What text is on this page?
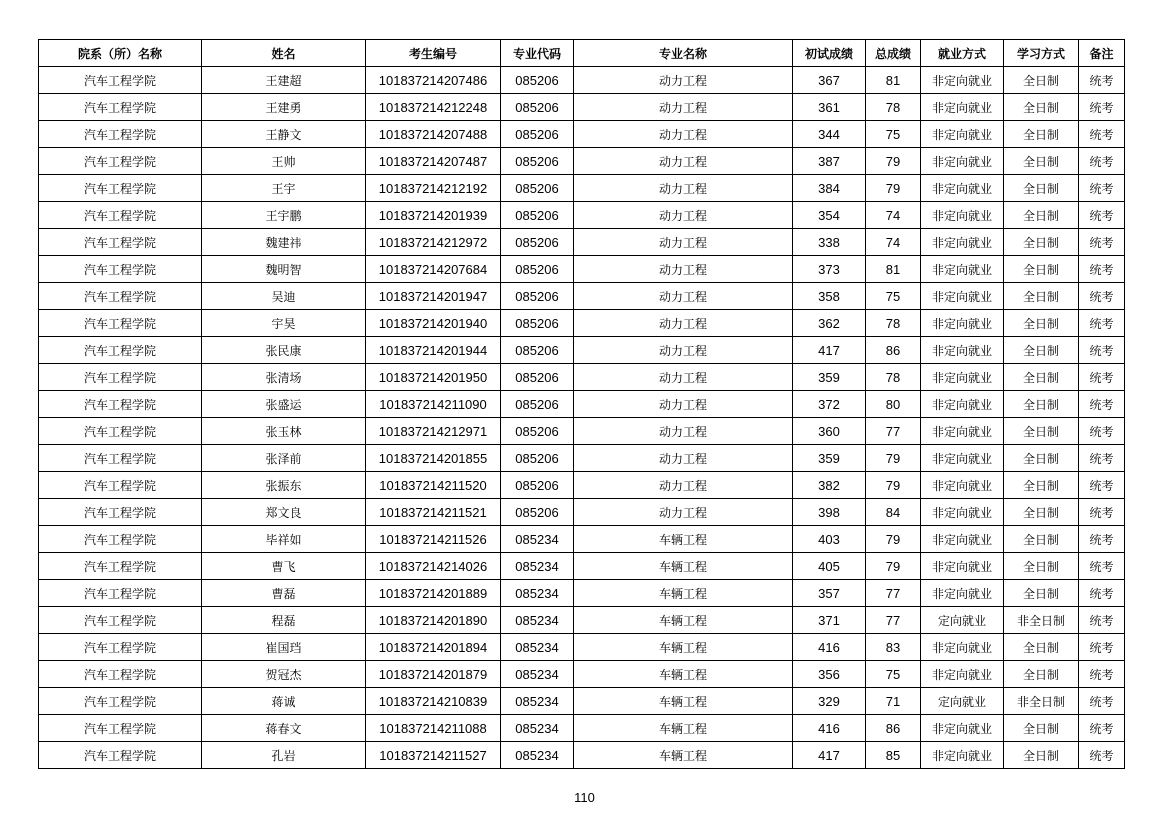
院系（所）名称	姓名	考生编号	专业代码	专业名称	初试成绩	总成绩	就业方式	学习方式	备注
汽车工程学院	王建超	101837214207486	085206	动力工程	367	81	非定向就业	全日制	统考
汽车工程学院	王建勇	101837214212248	085206	动力工程	361	78	非定向就业	全日制	统考
汽车工程学院	王静文	101837214207488	085206	动力工程	344	75	非定向就业	全日制	统考
汽车工程学院	王帅	101837214207487	085206	动力工程	387	79	非定向就业	全日制	统考
汽车工程学院	王宇	101837214212192	085206	动力工程	384	79	非定向就业	全日制	统考
汽车工程学院	王宇鹏	101837214201939	085206	动力工程	354	74	非定向就业	全日制	统考
汽车工程学院	魏建祎	101837214212972	085206	动力工程	338	74	非定向就业	全日制	统考
汽车工程学院	魏明智	101837214207684	085206	动力工程	373	81	非定向就业	全日制	统考
汽车工程学院	吴迪	101837214201947	085206	动力工程	358	75	非定向就业	全日制	统考
汽车工程学院	宇昊	101837214201940	085206	动力工程	362	78	非定向就业	全日制	统考
汽车工程学院	张民康	101837214201944	085206	动力工程	417	86	非定向就业	全日制	统考
汽车工程学院	张清场	101837214201950	085206	动力工程	359	78	非定向就业	全日制	统考
汽车工程学院	张盛运	101837214211090	085206	动力工程	372	80	非定向就业	全日制	统考
汽车工程学院	张玉林	101837214212971	085206	动力工程	360	77	非定向就业	全日制	统考
汽车工程学院	张泽前	101837214201855	085206	动力工程	359	79	非定向就业	全日制	统考
汽车工程学院	张振东	101837214211520	085206	动力工程	382	79	非定向就业	全日制	统考
汽车工程学院	郑文良	101837214211521	085206	动力工程	398	84	非定向就业	全日制	统考
汽车工程学院	毕祥如	101837214211526	085234	车辆工程	403	79	非定向就业	全日制	统考
汽车工程学院	曹飞	101837214214026	085234	车辆工程	405	79	非定向就业	全日制	统考
汽车工程学院	曹磊	101837214201889	085234	车辆工程	357	77	非定向就业	全日制	统考
汽车工程学院	程磊	101837214201890	085234	车辆工程	371	77	定向就业	非全日制	统考
汽车工程学院	崔国珰	101837214201894	085234	车辆工程	416	83	非定向就业	全日制	统考
汽车工程学院	贺冠杰	101837214201879	085234	车辆工程	356	75	非定向就业	全日制	统考
汽车工程学院	蒋诚	101837214210839	085234	车辆工程	329	71	定向就业	非全日制	统考
汽车工程学院	蒋春文	101837214211088	085234	车辆工程	416	86	非定向就业	全日制	统考
汽车工程学院	孔岩	101837214211527	085234	车辆工程	417	85	非定向就业	全日制	统考
110
